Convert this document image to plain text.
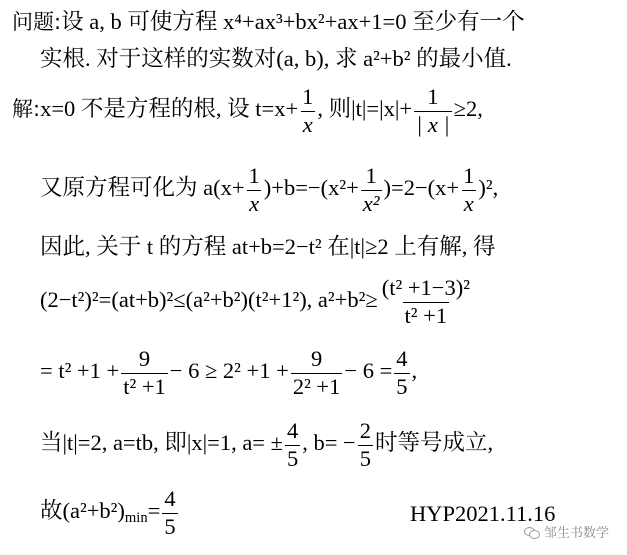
问题:设 a, b 可使方程 x⁴+ax³+bx²+ax+1=0 至少有一个
实根. 对于这样的实数对(a, b), 求 a²+b² 的最小值.
解:x=0 不是方程的根, 设 $t=x+ \frac{1}{x}$ , 则$|t|=|x|+ \frac{1}{| x |} \ge 2$,
又原方程可化为 $a(x+ \frac{1}{x} )+b=-(x^2+ \frac{1}{\text{x²}} )=2-(x+ \frac{1}{x} )^2$,
因此, 关于 t 的方程 at+b=2−t² 在|t|≥2 上有解, 得
(2−t²)²=(at+b)²≤(a²+b²)(t²+1²), $a^2+b^2\ge \frac{\text{(t² +1−3)²}}{\text{t² +1}}$
= $t^2 +1 + \frac{9}{\text{t² +1}} - 6 \ge 2^2 +1 + \frac{9}{\text{2² +1}} - 6 = \frac{4}{5}$ ,
当|t|=2, a=tb, 即|x|=1, $a= \pm \frac{4}{5}$ , $b= - \frac{2}{5}$ 时等号成立,
故$(a^2+b^2)\min= \frac{4}{5}$	HYP2021.11.16
邹生书数学
